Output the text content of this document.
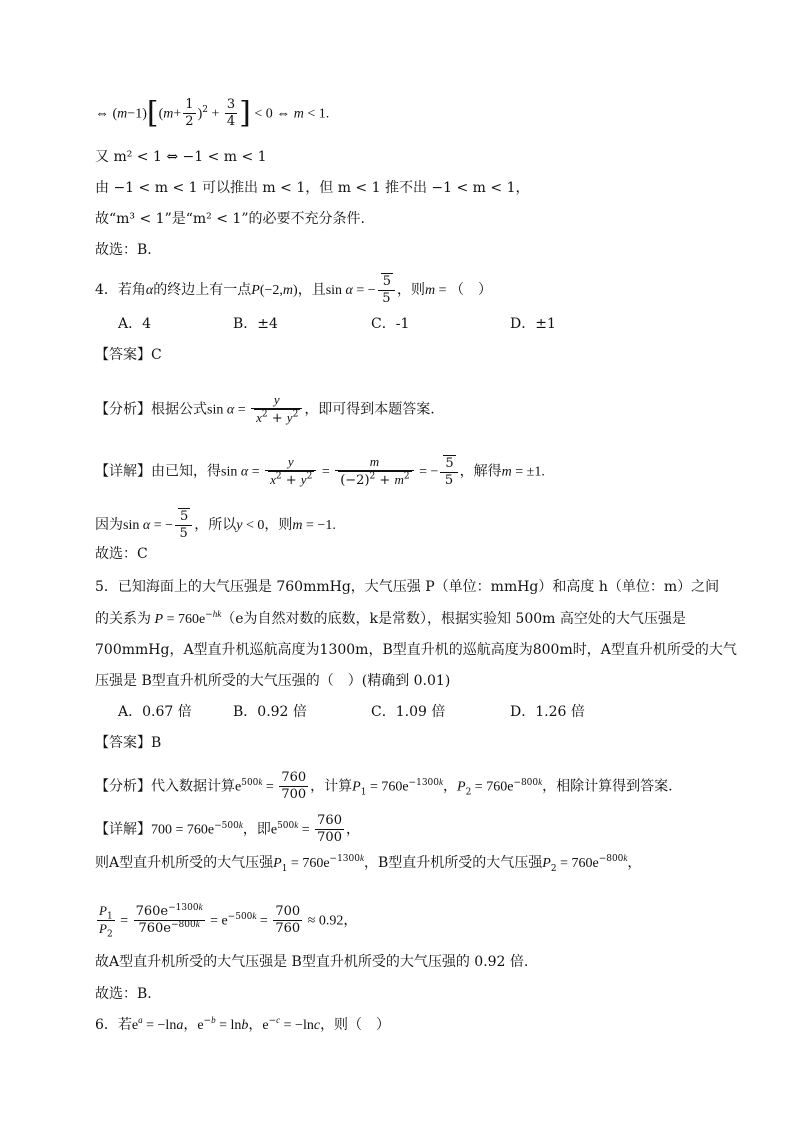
⇔ $(m-1)[(m+ \frac{1}{2} )^2 + \frac{3}{4}$ ] < 0 ⇔ m < 1.
又 m² < 1 ⇔ −1 < m < 1
由 −1 < m < 1 可以推出 m < 1，但 m < 1 推不出 −1 < m < 1，
故“m³ < 1”是“m² < 1”的必要不充分条件.
故选：B.
4．若角α的终边上有一点P(−2,m)，且sin α = − $\frac{5}{5}$ ，则m = （　）
A．4	B．±4	C．-1	D．±1
【答案】C
【分析】根据公式$\sin \alpha = \frac{y}{x^2 + y^2}$ ，即可得到本题答案.
【详解】由已知，得$\sin \alpha = \frac{y}{x^2 + y^2} = \frac{m}{(-2)^2 + m^2}$ = − $\frac{5}{5}$ ，解得m = ±1.
因为sin α = − $\frac{5}{5}$ ，所以y < 0，则m = −1.
故选：C
5．已知海面上的大气压强是 760mmHg，大气压强 P（单位：mmHg）和高度 h（单位：m）之间
的关系为 $P = 760e^{-hk}(e$为自然对数的底数，k是常数），根据实验知 500m 高空处的大气压强是
700mmHg，A型直升机巡航高度为1300m，B型直升机的巡航高度为800m时，A型直升机所受的大气
压强是 B型直升机所受的大气压强的（　）(精确到 0.01)
A．0.67 倍	B．0.92 倍	C．1.09 倍	D．1.26 倍
【答案】B
【分析】代入数据计算$e^{500k} = \frac{760}{700}$ ，计算$P_1 = 760e^{-1300k}$，$P_2 = 760e^{-800k}$，相除计算得到答案.
【详解】$700 = 760e^{-500k}$，即$e^{500k} = \frac{760}{700}$ ，
则A型直升机所受的大气压强$P_1 = 760e^{-1300k}$，B型直升机所受的大气压强$P_2 = 760e^{-800k}$，
$\frac{P_1}{P_2} = \frac{760e^{-1300k}}{760e^{-800k}} = e^{-500k} = \frac{700}{760} \approx 0.92$，
故A型直升机所受的大气压强是 B型直升机所受的大气压强的 0.92 倍.
故选：B.
6．若$e^a = -\ln a$，$e^{-b} = \ln b$，$e^{-c} = -\ln c$，则（　）
